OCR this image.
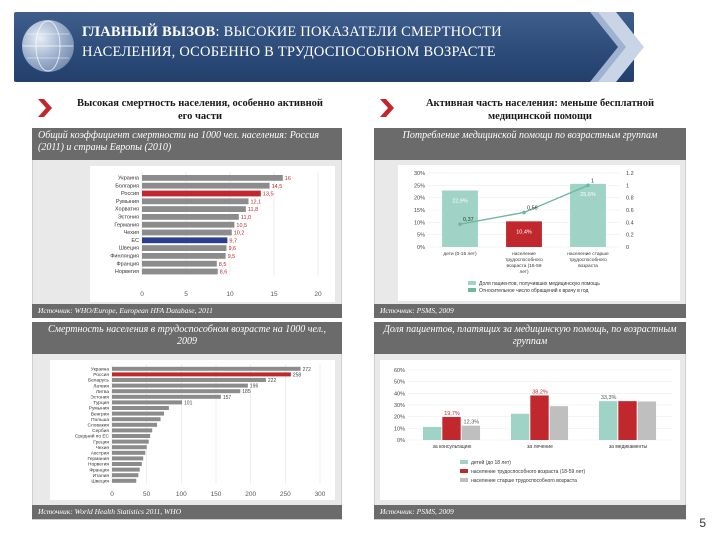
ГЛАВНЫЙ ВЫЗОВ: ВЫСОКИЕ ПОКАЗАТЕЛИ СМЕРТНОСТИ
НАСЕЛЕНИЯ, ОСОБЕННО В ТРУДОСПОСОБНОМ ВОЗРАСТЕ
Высокая смертность населения, особенно активной его части
Активная часть населения: меньше бесплатной медицинской помощи
Общий коэффициент смертности на 1000 чел. населения: Россия (2011) и страны Европы (2010)
0	5	10	15	20
Украина	16
Болгария	14,5
Россия	13,5
Румыния	12,1
Хорватия	11,8
Эстония	11,0
Германия	10,5
Чехия	10,2
ЕС	9,7
Швеция	9,6
Финляндия	9,5
Франция	8,5
Норвегия	8,6
Источник: WHO/Europe, European HFA Database, 2011
Смертность населения в трудоспособном возрасте на 1000 чел., 2009
0	50	100	150	200	250	300
Украина	272
Россия	258
Беларусь	222
Латвия	196
Литва	185
Эстония	157
Турция	101
Румыния
Венгрия
Польша
Словакия
Сербия
Средний по ЕС
Греция
Чехия
Австрия
Германия
Норвегия
Франция
Италия
Швеция
Источник: World Health Statistics 2011, WHO
Потребление медицинской помощи по возрастным группам
0%
5%
10%
15%
20%
25%
30%
0
0.2
0.4
0.6
0.8
1
1.2
22,9%
дети (0-15 лет)
10,4%
население
трудоспособного
возраста (16-59
лет)
25,6%
население старше
трудоспособного
возраста
0,37
0,56
1
Доля пациентов, получивших медицинскую помощь
Относительное число обращений к врачу в год
Источник: PSMS, 2009
Доля пациентов, платящих за медицинскую помощь, по возрастным группам
0%
10%
20%
30%
40%
50%
60%
19,7%
12,3%
за консультацию
38,2%
за лечение
33,3%
за медикаменты
детей (до 18 лет)
население трудоспособного возраста (18-59 лет)
население старше трудоспособного возраста
Источник: PSMS, 2009
5
